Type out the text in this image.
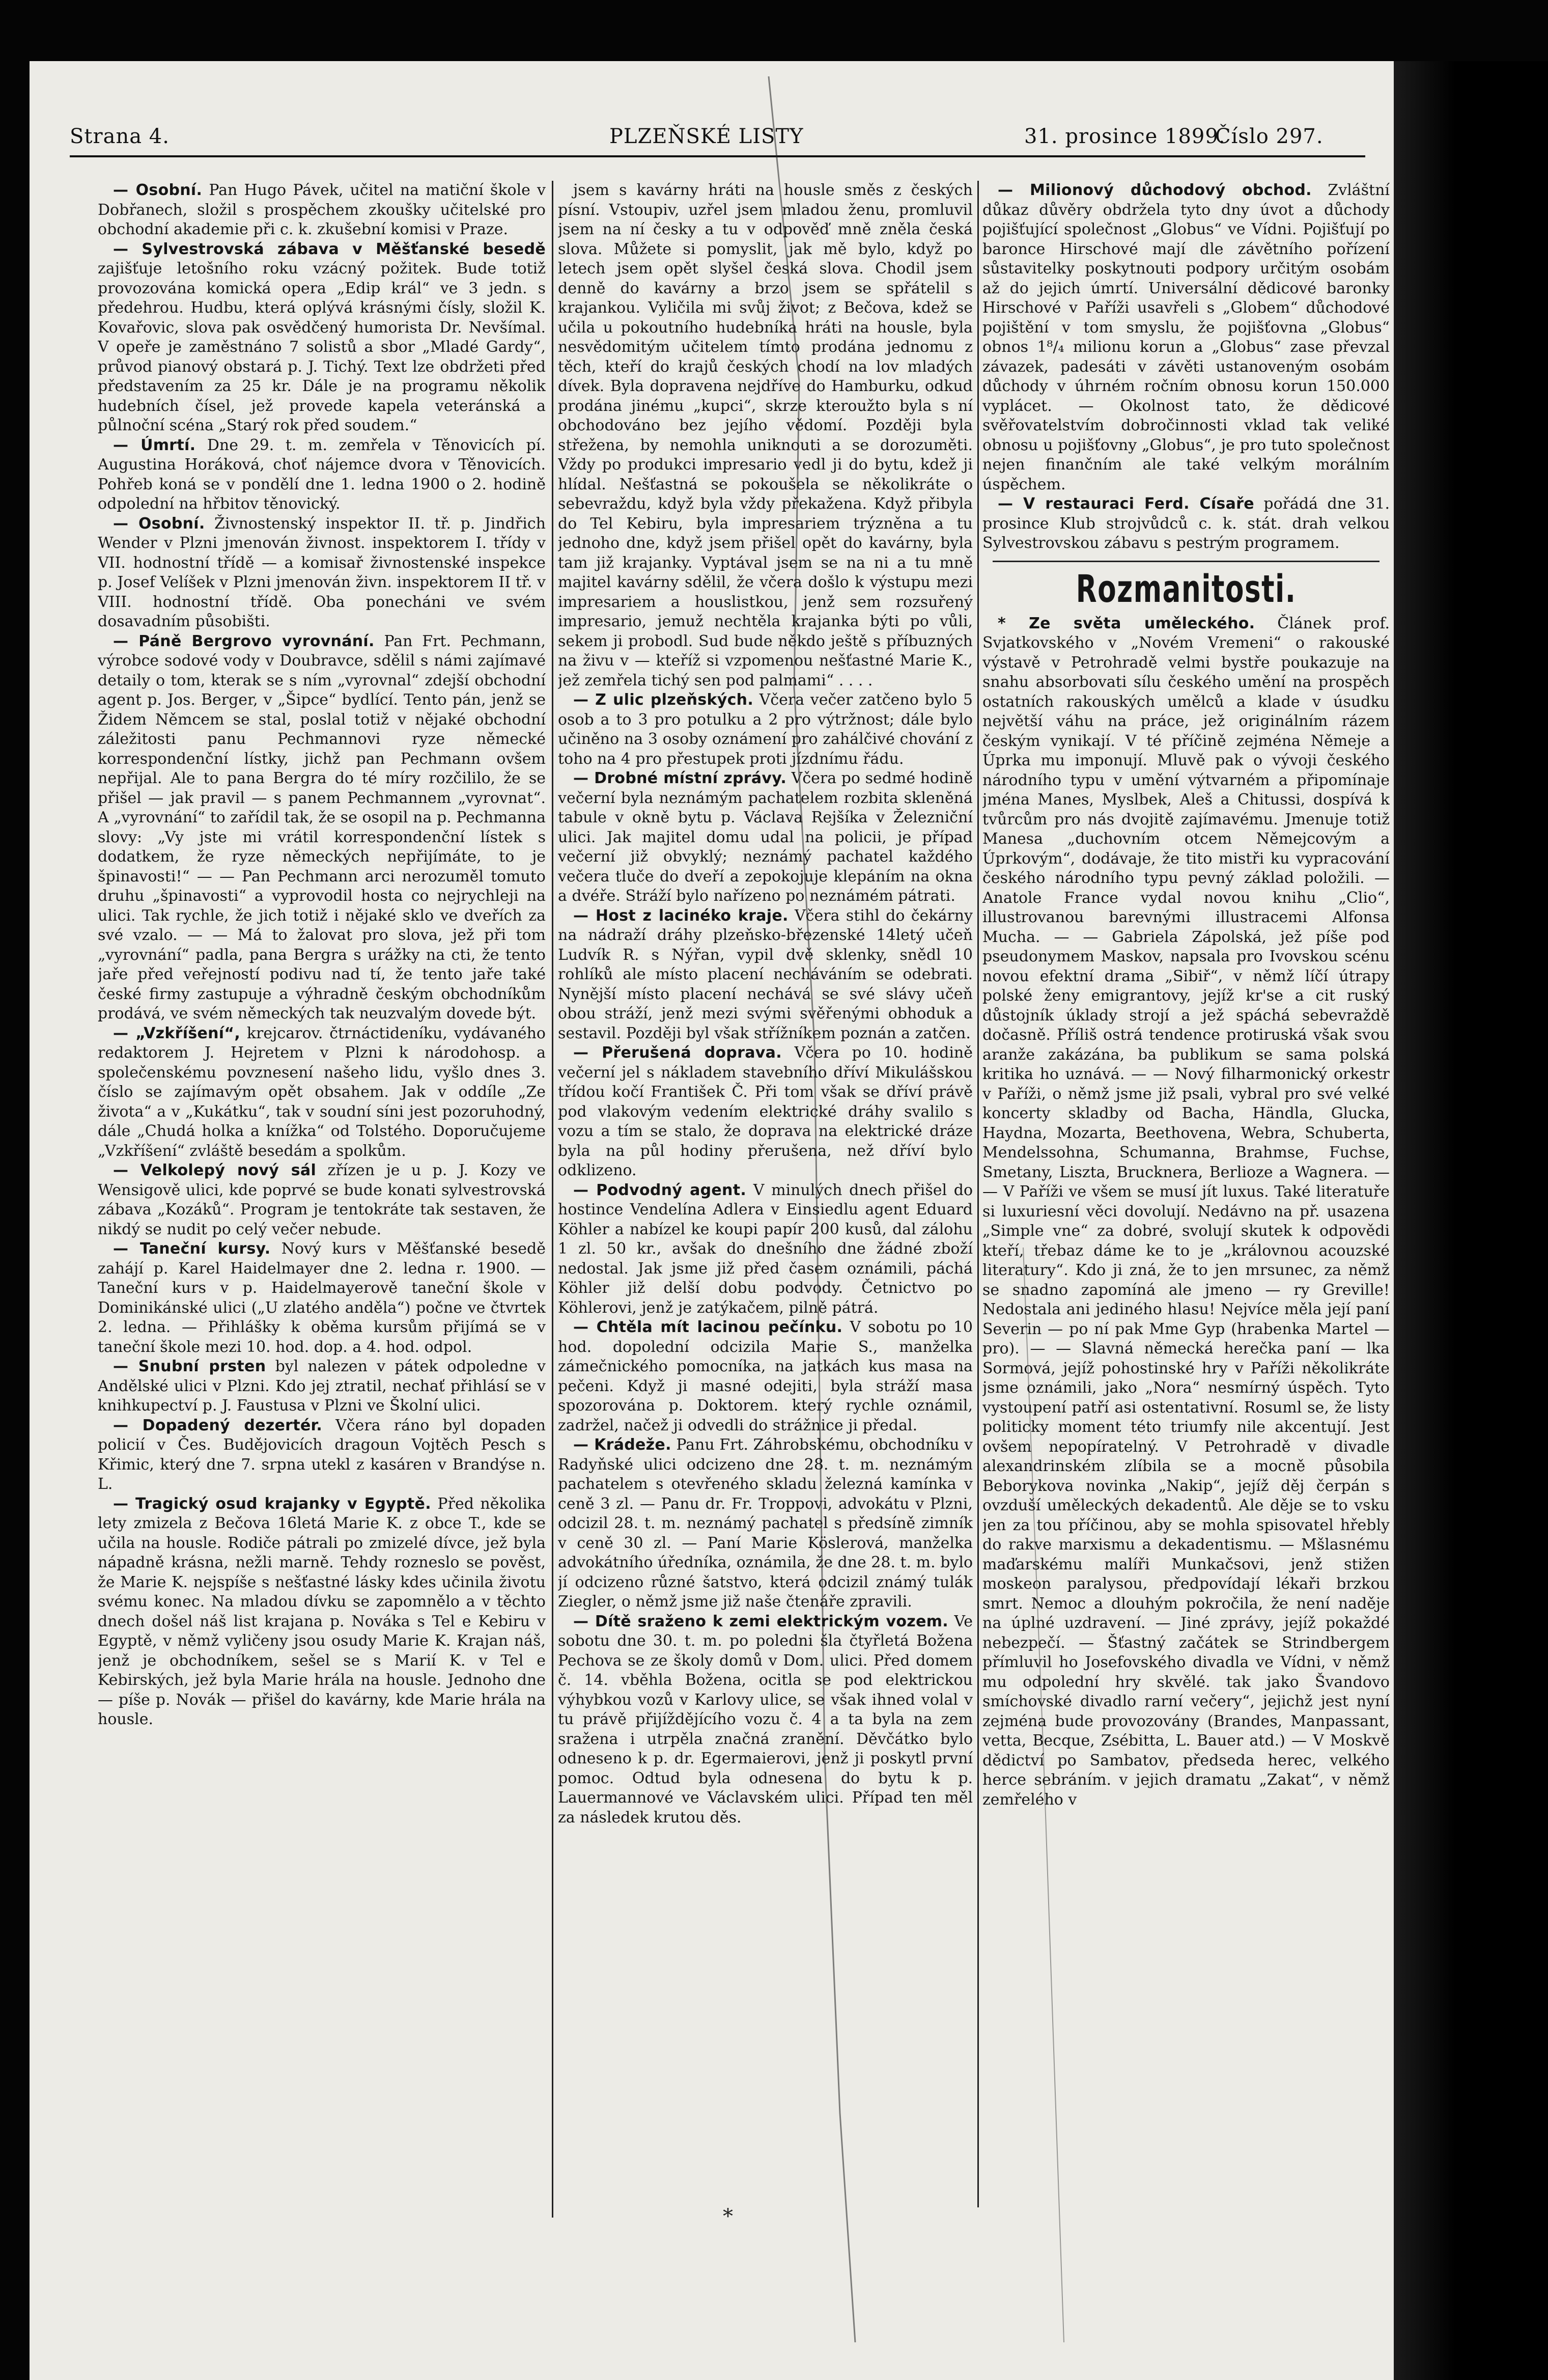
Strana 4.	PLZEŇSKÉ LISTY	31. prosince 1899.
Číslo 297.

— Osobní. Pan Hugo Pávek, učitel na matiční škole v Dobřanech, složil s prospěchem zkoušky učitelské pro obchodní akademie při c. k. zkušební komisi v Praze.

— Sylvestrovská zábava v Měšťanské besedě zajišťuje letošního roku vzácný požitek. Bude totiž provozována komická opera „Edip král“ ve 3 jedn. s předehrou. Hudbu, která oplývá krásnými čísly, složil K. Kovařovic, slova pak osvědčený humorista Dr. Nevšímal. V opeře je zaměstnáno 7 solistů a sbor „Mladé Gardy“, průvod pianový obstará p. J. Tichý. Text lze obdržeti před představením za 25 kr. Dále je na programu několik hudebních čísel, jež provede kapela veteránská a půlnoční scéna „Starý rok před soudem.“

— Úmrtí. Dne 29. t. m. zemřela v Těnovicích pí. Augustina Horáková, choť nájemce dvora v Těnovicích. Pohřeb koná se v pondělí dne 1. ledna 1900 o 2. hodině odpolední na hřbitov těnovický.

— Osobní. Živnostenský inspektor II. tř. p. Jindřich Wender v Plzni jmenován živnost. inspektorem I. třídy v VII. hodnostní třídě — a komisař živnostenské inspekce p. Josef Velíšek v Plzni jmenován živn. inspektorem II tř. v VIII. hodnostní třídě. Oba ponecháni ve svém dosavadním působišti.

— Páně Bergrovo vyrovnání. Pan Frt. Pechmann, výrobce sodové vody v Doubravce, sdělil s námi zajímavé detaily o tom, kterak se s ním „vyrovnal“ zdejší obchodní agent p. Jos. Berger, v „Šipce“ bydlící. Tento pán, jenž se Židem Němcem se stal, poslal totiž v nějaké obchodní záležitosti panu Pechmannovi ryze německé korrespondenční lístky, jichž pan Pechmann ovšem nepřijal. Ale to pana Bergra do té míry rozčililo, že se přišel — jak pravil — s panem Pechmannem „vyrovnat“. A „vyrovnání“ to zařídil tak, že se osopil na p. Pechmanna slovy: „Vy jste mi vrátil korrespondenční lístek s dodatkem, že ryze německých nepřijímáte, to je špinavosti!“ — — Pan Pechmann arci nerozuměl tomuto druhu „špinavosti“ a vyprovodil hosta co nejrychleji na ulici. Tak rychle, že jich totiž i nějaké sklo ve dveřích za své vzalo. — — Má to žalovat pro slova, jež při tom „vyrovnání“ padla, pana Bergra s urážky na cti, že tento jaře před veřejností podivu nad tí, že tento jaře také české firmy zastupuje a výhradně českým obchodníkům prodává, ve svém německých tak neuzvalým dovede být.

— „Vzkříšení“, krejcarov. čtrnáctideníku, vydávaného redaktorem J. Hejretem v Plzni k národohosp. a společenskému povznesení našeho lidu, vyšlo dnes 3. číslo se zajímavým opět obsahem. Jak v oddíle „Ze života“ a v „Kukátku“, tak v soudní síni jest pozoruhodný, dále „Chudá holka a knížka“ od Tolstého. Doporučujeme „Vzkříšení“ zvláště besedám a spolkům.

— Velkolepý nový sál zřízen je u p. J. Kozy ve Wensigově ulici, kde poprvé se bude konati sylvestrovská zábava „Kozáků“. Program je tentokráte tak sestaven, že nikdý se nudit po celý večer nebude.

— Taneční kursy. Nový kurs v Měšťanské besedě zahájí p. Karel Haidelmayer dne 2. ledna r. 1900. — Taneční kurs v p. Haidelmayerově taneční škole v Dominikánské ulici („U zlatého anděla“) počne ve čtvrtek 2. ledna. — Přihlášky k oběma kursům přijímá se v taneční škole mezi 10. hod. dop. a 4. hod. odpol.

— Snubní prsten byl nalezen v pátek odpoledne v Andělské ulici v Plzni. Kdo jej ztratil, nechať přihlásí se v knihkupectví p. J. Faustusa v Plzni ve Školní ulici.

— Dopadený dezertér. Včera ráno byl dopaden policií v Čes. Budějovicích dragoun Vojtěch Pesch s Křimic, který dne 7. srpna utekl z kasáren v Brandýse n. L.

— Tragický osud krajanky v Egyptě. Před několika lety zmizela z Bečova 16letá Marie K. z obce T., kde se učila na housle. Rodiče pátrali po zmizelé dívce, jež byla nápadně krásna, nežli marně. Tehdy rozneslo se pověst, že Marie K. nejspíše s nešťastné lásky kdes učinila životu svému konec. Na mladou dívku se zapomnělo a v těchto dnech došel náš list krajana p. Nováka s Tel e Kebiru v Egyptě, v němž vyličeny jsou osudy Marie K. Krajan náš, jenž je obchodníkem, sešel se s Marií K. v Tel e Kebirských, jež byla Marie hrála na housle. Jednoho dne — píše p. Novák — přišel do kavárny, kde Marie hrála na housle.

jsem s kavárny hráti na housle směs z českých písní. Vstoupiv, uzřel jsem mladou ženu, promluvil jsem na ní česky a tu v odpověď mně zněla česká slova. Můžete si pomyslit, jak mě bylo, když po letech jsem opět slyšel česká slova. Chodil jsem denně do kavárny a brzo jsem se spřátelil s krajankou. Vyličila mi svůj život; z Bečova, kdež se učila u pokoutního hudebníka hráti na housle, byla nesvědomitým učitelem tímto prodána jednomu z těch, kteří do krajů českých chodí na lov mladých dívek. Byla dopravena nejdříve do Hamburku, odkud prodána jinému „kupci“, skrze kteroužto byla s ní obchodováno bez jejího vědomí. Později byla střežena, by nemohla uniknouti a se dorozuměti. Vždy po produkci impresario vedl ji do bytu, kdež ji hlídal. Nešťastná se pokoušela se několikráte o sebevraždu, když byla vždy překažena. Když přibyla do Tel Kebiru, byla impresariem trýzněna a tu jednoho dne, když jsem přišel opět do kavárny, byla tam již krajanky. Vyptával jsem se na ni a tu mně majitel kavárny sdělil, že včera došlo k výstupu mezi impresariem a houslistkou, jenž sem rozsuřený impresario, jemuž nechtěla krajanka býti po vůli, sekem ji probodl. Sud bude někdo ještě s příbuzných na živu v — kteříž si vzpomenou nešťastné Marie K., jež zemřela tichý sen pod palmami“ . . . .

— Z ulic plzeňských. Včera večer zatčeno bylo 5 osob a to 3 pro potulku a 2 pro výtržnost; dále bylo učiněno na 3 osoby oznámení pro zahálčivé chování z toho na 4 pro přestupek proti jízdnímu řádu.

— Drobné místní zprávy. Včera po sedmé hodině večerní byla neznámým pachatelem rozbita skleněná tabule v okně bytu p. Václava Rejšíka v Železniční ulici. Jak majitel domu udal na policii, je případ večerní již obvyklý; neznámý pachatel každého večera tluče do dveří a zepokojuje klepáním na okna a dvéře. Stráží bylo nařízeno po neznámém pátrati.

— Host z lacinéko kraje. Včera stihl do čekárny na nádraží dráhy plzeňsko-březenské 14letý učeň Ludvík R. s Nýřan, vypil dvě sklenky, snědl 10 rohlíků ale místo placení necháváním se odebrati. Nynější místo placení nechává se své slávy učeň obou stráží, jenž mezi svými svěřenými obhoduk a sestavil. Později byl však střížníkem poznán a zatčen.

— Přerušená doprava. Včera po 10. hodině večerní jel s nákladem stavebního dříví Mikulášskou třídou kočí František Č. Při tom však se dříví právě pod vlakovým vedením elektrické dráhy svalilo s vozu a tím se stalo, že doprava na elektrické dráze byla na půl hodiny přerušena, než dříví bylo odklizeno.

— Podvodný agent. V minulých dnech přišel do hostince Vendelína Adlera v Einsiedlu agent Eduard Köhler a nabízel ke koupi papír 200 kusů, dal zálohu 1 zl. 50 kr., avšak do dnešního dne žádné zboží nedostal. Jak jsme již před časem oznámili, páchá Köhler již delší dobu podvody. Četnictvo po Köhlerovi, jenž je zatýkačem, pilně pátrá.

— Chtěla mít lacinou pečínku. V sobotu po 10 hod. dopolední odcizila Marie S., manželka zámečnického pomocníka, na jatkách kus masa na pečeni. Když ji masné odejiti, byla stráží masa spozorována p. Doktorem. který rychle oznámil, zadržel, načež ji odvedli do strážnice ji předal.

— Krádeže. Panu Frt. Záhrobskému, obchodníku v Radyňské ulici odcizeno dne 28. t. m. neznámým pachatelem s otevřeného skladu železná kamínka v ceně 3 zl. — Panu dr. Fr. Troppovi, advokátu v Plzni, odcizil 28. t. m. neznámý pachatel s předsíně zimník v ceně 30 zl. — Paní Marie Köslerová, manželka advokátního úředníka, oznámila, že dne 28. t. m. bylo jí odcizeno různé šatstvo, která odcizil známý tulák Ziegler, o němž jsme již naše čtenáře zpravili.

— Dítě sraženo k zemi elektrickým vozem. Ve sobotu dne 30. t. m. po poledni šla čtyřletá Božena Pechova se ze školy domů v Dom. ulici. Před domem č. 14. vběhla Božena, ocitla se pod elektrickou výhybkou vozů v Karlovy ulice, se však ihned volal v tu právě přijíždějícího vozu č. 4 a ta byla na zem sražena i utrpěla značná zranění. Děvčátko bylo odneseno k p. dr. Egermaierovi, jenž ji poskytl první pomoc. Odtud byla odnesena do bytu k p. Lauermannové ve Václavském ulici. Případ ten měl za následek krutou děs.

— Milionový důchodový obchod. Zvláštní důkaz důvěry obdržela tyto dny úvot a důchody pojišťující společnost „Globus“ ve Vídni. Pojišťují po baronce Hirschové mají dle závětního pořízení sůstavitelky poskytnouti podpory určitým osobám až do jejich úmrtí. Universální dědicové baronky Hirschové v Paříži usavřeli s „Globem“ důchodové pojištění v tom smyslu, že pojišťovna „Globus“ obnos 1⁸/₄ milionu korun a „Globus“ zase převzal závazek, padesáti v závěti ustanoveným osobám důchody v úhrném ročním obnosu korun 150.000 vyplácet. — Okolnost tato, že dědicové svěřovatelstvím dobročinnosti vklad tak veliké obnosu u pojišťovny „Globus“, je pro tuto společnost nejen finančním ale také velkým morálním úspěchem.

— V restauraci Ferd. Císaře pořádá dne 31. prosince Klub strojvůdců c. k. stát. drah velkou Sylvestrovskou zábavu s pestrým programem.

Rozmanitosti.

* Ze světa uměleckého. Článek prof. Svjatkovského v „Novém Vremeni“ o rakouské výstavě v Petrohradě velmi bystře poukazuje na snahu absorbovati sílu českého umění na prospěch ostatních rakouských umělců a klade v úsudku největší váhu na práce, jež originálním rázem českým vynikají. V té příčině zejména Němeje a Úprka mu imponují. Mluvě pak o vývoji českého národního typu v umění výtvarném a připomínaje jména Manes, Myslbek, Aleš a Chitussi, dospívá k tvůrcům pro nás dvojitě zajímavému. Jmenuje totiž Manesa „duchovním otcem Němejcovým a Úprkovým“, dodávaje, že tito mistři ku vypracování českého národního typu pevný základ položili. — Anatole France vydal novou knihu „Clio“, illustrovanou barevnými illustracemi Alfonsa Mucha. — — Gabriela Zápolská, jež píše pod pseudonymem Maskov, napsala pro Ivovskou scénu novou efektní drama „Sibiř“, v němž líčí útrapy polské ženy emigrantovy, jejíž kr'se a cit ruský důstojník úklady strojí a jež spáchá sebevraždě dočasně. Příliš ostrá tendence protiruská však svou aranže zakázána, ba publikum se sama polská kritika ho uznává. — — Nový filharmonický orkestr v Paříži, o němž jsme již psali, vybral pro své velké koncerty skladby od Bacha, Händla, Glucka, Haydna, Mozarta, Beethovena, Webra, Schuberta, Mendelssohna, Schumanna, Brahmse, Fuchse, Smetany, Liszta, Brucknera, Berlioze a Wagnera. — — V Paříži ve všem se musí jít luxus. Také literatuře si luxuriesní věci dovolují. Nedávno na př. usazena „Simple vne“ za dobré, svolují skutek k odpovědi kteří, třebaz dáme ke to je „královnou acouzské literatury“. Kdo ji zná, že to jen mrsunec, za němž se snadno zapomíná ale jmeno — ry Greville! Nedostala ani jediného hlasu! Nejvíce měla její paní Severin — po ní pak Mme Gyp (hrabenka Martel — pro). — — Slavná německá herečka paní — lka Sormová, jejíž pohostinské hry v Paříži několikráte jsme oznámili, jako „Nora“ nesmírný úspěch. Tyto vystoupení patří asi ostentativní. Rosuml se, že listy politicky moment této triumfy nile akcentují. Jest ovšem nepopíratelný. V Petrohradě v divadle alexandrinském zlíbila se a mocně působila Beborykova novinka „Nakip“, jejíž děj čerpán s ovzduší uměleckých dekadentů. Ale děje se to vsku jen za tou příčinou, aby se mohla spisovatel hřebly do rakve marxismu a dekadentismu. — Mšlasnému maďarskému malíři Munkačsovi, jenž stižen moskeon paralysou, předpovídají lékaři brzkou smrt. Nemoc a dlouhým pokročila, že není naděje na úplné uzdravení. — Jiné zprávy, jejíž pokaždé nebezpečí. — Šťastný začátek se Strindbergem přímluvil ho Josefovského divadla ve Vídni, v němž mu odpolední hry skvělé. tak jako Švandovo smíchovské divadlo rarní večery“, jejichž jest nyní zejména bude provozovány (Brandes, Manpassant, vetta, Becque, Zsébitta, L. Bauer atd.) — V Moskvě dědictví po Sambatov, předseda herec, velkého herce sebráním. v jejich dramatu „Zakat“, v němž zemřelého v

*
